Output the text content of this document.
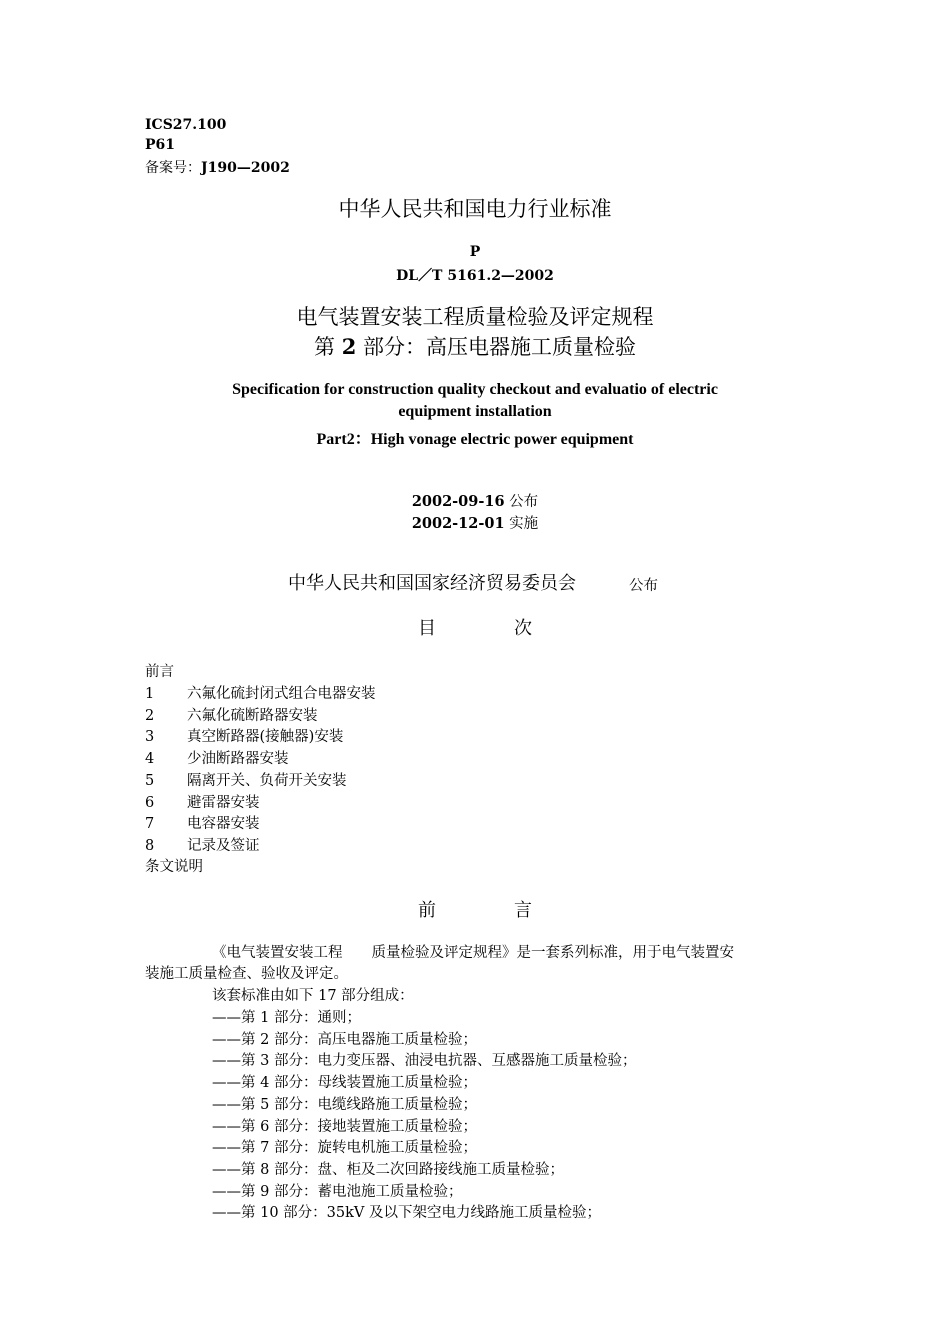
ICS27.100
P61
备案号：J190—2002
中华人民共和国电力行业标准
P
DL／T 5161.2—2002
电气装置安装工程质量检验及评定规程
第 2 部分：高压电器施工质量检验
Specification for construction quality checkout and evaluatio of electric
equipment installation
Part2：High vonage electric power equipment
2002-09-16 公布
2002-12-01 实施
中华人民共和国国家经济贸易委员会	公布
目	次
前言
1 六氟化硫封闭式组合电器安装
2 六氟化硫断路器安装
3 真空断路器(接触器)安装
4 少油断路器安装
5 隔离开关、负荷开关安装
6 避雷器安装
7 电容器安装
8 记录及签证
条文说明
前	言
《电气装置安装工程　　质量检验及评定规程》是一套系列标准，用于电气装置安
装施工质量检查、验收及评定。
该套标准由如下 17 部分组成：
——第 1 部分：通则；
——第 2 部分：高压电器施工质量检验；
——第 3 部分：电力变压器、油浸电抗器、互感器施工质量检验；
——第 4 部分：母线装置施工质量检验；
——第 5 部分：电缆线路施工质量检验；
——第 6 部分：接地装置施工质量检验；
——第 7 部分：旋转电机施工质量检验；
——第 8 部分：盘、柜及二次回路接线施工质量检验；
——第 9 部分：蓄电池施工质量检验；
——第 10 部分：35kV 及以下架空电力线路施工质量检验；
